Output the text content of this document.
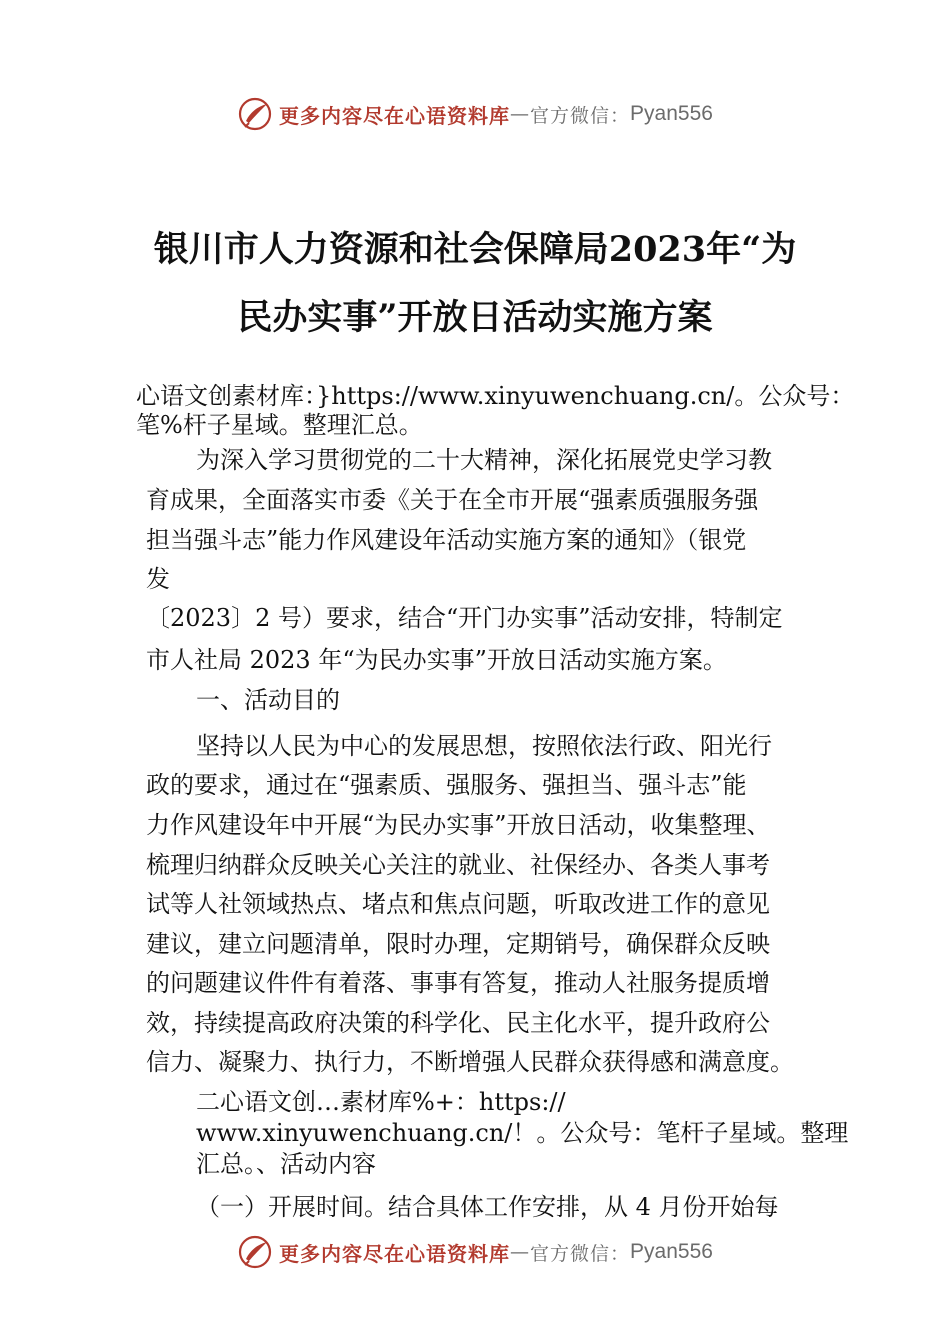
更多内容尽在心语资料库 — 官方微信： Pyan556
银川市人力资源和社会保障局2023年“为
民办实事”开放日活动实施方案
心语文创素材库：}https://www.xinyuwenchuang.cn/。公众号：
笔%杆子星域。整理汇总。
为深入学习贯彻党的二十大精神，深化拓展党史学习教
育成果，全面落实市委《关于在全市开展“强素质强服务强
担当强斗志”能力作风建设年活动实施方案的通知》（银党
发
〔2023〕2 号）要求，结合“开门办实事”活动安排，特制定
市人社局 2023 年“为民办实事”开放日活动实施方案。
一、活动目的
坚持以人民为中心的发展思想，按照依法行政、阳光行
政的要求，通过在“强素质、强服务、强担当、强斗志”能
力作风建设年中开展“为民办实事”开放日活动，收集整理、
梳理归纳群众反映关心关注的就业、社保经办、各类人事考
试等人社领域热点、堵点和焦点问题，听取改进工作的意见
建议，建立问题清单，限时办理，定期销号，确保群众反映
的问题建议件件有着落、事事有答复，推动人社服务提质增
效，持续提高政府决策的科学化、民主化水平，提升政府公
信力、凝聚力、执行力，不断增强人民群众获得感和满意度。
二心语文创…素材库%+：https://
www.xinyuwenchuang.cn/！。公众号：笔杆子星域。整理
汇总。、活动内容
（一）开展时间。结合具体工作安排，从 4 月份开始每
更多内容尽在心语资料库 — 官方微信： Pyan556
